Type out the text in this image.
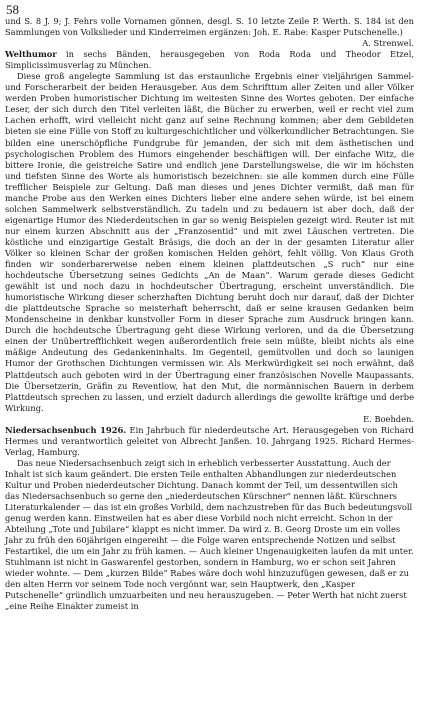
58

und S. 8 J. 9; J. Fehrs volle Vornamen gönnen, desgl. S. 10 letzte Zeile P. Werth. S. 184 ist den Sammlungen von Volkslieder und Kinderreimen ergänzen: Joh. E. Rabe: Kasper Putschenelle.)
A. Strenwel.

Welthumor in sechs Bänden, herausgegeben von Roda Roda und Theodor Etzel, Simplicissimusverlag zu München.

Diese groß angelegte Sammlung ist das erstaunliche Ergebnis einer vieljährigen Sammel- und Forscherarbeit der beiden Herausgeber. Aus dem Schrifttum aller Zeiten und aller Völker werden Proben humoristischer Dichtung im weitesten Sinne des Wortes geboten. Der einfache Leser, der sich durch den Titel verleiten läßt, die Bücher zu erwerben, weil er recht viel zum Lachen erhofft, wird vielleicht nicht ganz auf seine Rechnung kommen; aber dem Gebildeten bieten sie eine Fülle von Stoff zu kulturgeschichtlicher und völkerkundlicher Betrachtungen. Sie bilden eine unerschöpfliche Fundgrube für jemanden, der sich mit dem ästhetischen und psychologischen Problem des Humors eingehender beschäftigen will. Der einfache Witz, die bittere Ironie, die geistreiche Satire und endlich jene Darstellungsweise, die wir im höchsten und tiefsten Sinne des Worte als humoristisch bezeichnen: sie alle kommen durch eine Fülle trefflicher Beispiele zur Geltung. Daß man dieses und jenes Dichter vermißt, daß man für manche Probe aus den Werken eines Dichters lieber eine andere sehen würde, ist bei einem solchen Sammelwerk selbstverständlich. Zu tadeln und zu bedauern ist aber doch, daß der eigenartige Humor des Niederdeutschen in gar so wenig Beispielen gezeigt wird. Reuter ist mit nur einem kurzen Abschnitt aus der „Franzosentid“ und mit zwei Läuschen vertreten. Die köstliche und einzigartige Gestalt Bräsigs, die doch an der in der gesamten Literatur aller Völker so kleinen Schar der großen komischen Helden gehört, fehlt völlig. Von Klaus Groth finden wir sonderbarerweise neben einem kleinen plattdeutschen „S ruch“ nur eine hochdeutsche Übersetzung seines Gedichts „An de Maan“. Warum gerade dieses Gedicht gewählt ist und noch dazu in hochdeutscher Übertragung, erscheint unverständlich. Die humoristische Wirkung dieser scherzhaften Dichtung beruht doch nur darauf, daß der Dichter die plattdeutsche Sprache so meisterhaft beherrscht, daß er seine krausen Gedanken beim Mondenscheine in denkbar kunstvoller Form in dieser Sprache zum Ausdruck bringen kann. Durch die hochdeutsche Übertragung geht diese Wirkung verloren, und da die Übersetzung einen der Unübertrefflichkeit wegen außerordentlich freie sein müßte, bleibt nichts als eine mäßige Andeutung des Gedankeninhalts. Im Gegenteil, gemütvollen und doch so launigen Humor der Grothschen Dichtungen vermissen wir. Als Merkwürdigkeit sei noch erwähnt, daß Plattdeutsch auch geboten wird in der Übertragung einer französischen Novelle Maupassants. Die Übersetzerin, Gräfin zu Reventlow, hat den Mut, die normännischen Bauern in derbem Plattdeutsch sprechen zu lassen, und erzielt dadurch allerdings die gewollte kräftige und derbe Wirkung.
E. Boehden.

Niedersachsenbuch 1926. Ein Jahrbuch für niederdeutsche Art. Herausgegeben von Richard Hermes und verantwortlich geleitet von Albrecht Janßen. 10. Jahrgang 1925. Richard Hermes-Verlag, Hamburg.

Das neue Niedersachsenbuch zeigt sich in erheblich verbesserter Ausstattung. Auch der Inhalt ist sich kaum geändert. Die ersten Teile enthalten Abhandlungen zur niederdeutschen Kultur und Proben niederdeutscher Dichtung. Danach kommt der Teil, um dessentwillen sich das Niedersachsenbuch so gerne den „niederdeutschen Kürschner“ nennen läßt. Kürschners Literaturkalender — das ist ein großes Vorbild, dem nachzustreben für das Buch bedeutungsvoll genug werden kann. Einstweilen hat es aber diese Vorbild noch nicht erreicht. Schon in der Abteilung „Tote und Jubilare“ klappt es nicht immer. Da wird z. B. Georg Droste um ein volles Jahr zu früh den 60jährigen eingereiht — die Folge waren entsprechende Notizen und selbst Festartikel, die um ein Jahr zu früh kamen. — Auch kleiner Ungenauigkeiten laufen da mit unter. Stuhlmann ist nicht in Gaswarenfel gestorben, sondern in Hamburg, wo er schon seit Jahren wieder wohnte. — Dem „kurzen Bilde“ Rabes wäre doch wohl hinzuzufügen gewesen, daß er zu den alten Herrn vor seinem Tode noch vergönnt war, sein Hauptwerk, den „Kasper Putschenelle“ gründlich umzuarbeiten und neu herauszugeben. — Peter Werth hat nicht zuerst „eine Reihe Einakter zumeist in
